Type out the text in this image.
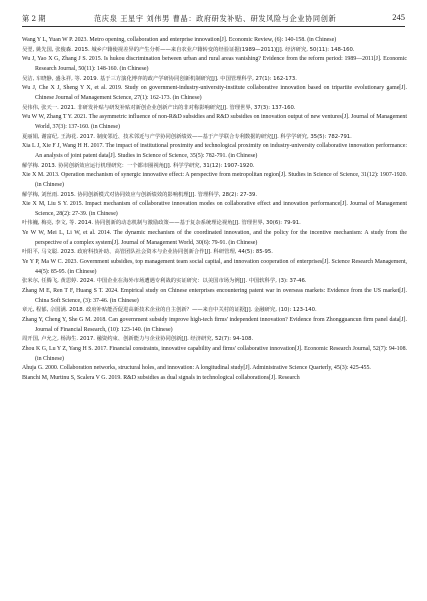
第 2 期	范庆泉 王星宇 刘伟男 曹晶：政府研发补贴、研发风险与企业协同创新	245

Wang Y L, Yuan W P. 2023. Metro opening, collaboration and enterprise innovation[J]. Economic Review, (6): 140-158. (in Chinese)

吴翌, 姚先国, 张俊森. 2015. 城乡户籍使视差异的产生分析——来自农业户籍转变的经验证据(1989—2011)[J]. 经济研究, 50(11): 148-160.

Wu J, Yao X G, Zhang J S. 2015. Is hukou discrimination between urban and rural areas vanishing? Evidence from the reform period: 1989—2011[J]. Economic Research Journal, 50(11): 148-160. (in Chinese)

吴洁, 车晓静, 盛永祥, 等. 2019. 基于三方演化博弈的政产学研协同创新机制研究[J]. 中国管理科学, 27(1): 162-173.

Wu J, Che X J, Sheng Y X, et al. 2019. Study on government-industry-university-institute collaborative innovation based on tripartite evolutionary game[J]. Chinese Journal of Management Science, 27(1): 162-173. (in Chinese)

吴伟伟, 张天一. 2021. 非研发补贴与研发补贴对新创企业创新产出的非对称影响研究[J]. 管理世界, 37(3): 137-160.

Wu W W, Zhang T Y. 2021. The asymmetric influence of non-R&D subsidies and R&D subsidies on innovation output of new ventures[J]. Journal of Management World, 37(3): 137-160. (in Chinese)

夏丽娟, 谢富纪, 王海花. 2017. 制度邻近、技术邻近与产学协同创新绩效——基于产学联合专利数据的研究[J]. 科学学研究, 35(5): 782-791.

Xia L J, Xie F J, Wang H H. 2017. The impact of institutional proximity and technological proximity on industry-university collaborative innovation performance: An analysis of joint patent data[J]. Studies in Science of Science, 35(5): 782-791. (in Chinese)

解学梅. 2013. 协同创新效应运行机理研究：一个都市圈视角[J]. 科学学研究, 31(12): 1907-1920.

Xie X M. 2013. Operation mechanism of synergic innovative effect: A perspective from metropolitan region[J]. Studies in Science of Science, 31(12): 1907-1920. (in Chinese)

解学梅, 刘丝雨. 2015. 协同创新模式对协同效应与创新绩效的影响机理[J]. 管理科学, 28(2): 27-39.

Xie X M, Liu S Y. 2015. Impact mechanism of collaborative innovation modes on collaborative effect and innovation performance[J]. Journal of Management Science, 28(2): 27-39. (in Chinese)

叶伟巍, 梅亮, 李文, 等. 2014. 协同创新的动态机制与激励政策——基于复杂系统理论视角[J]. 管理世界, 30(6): 79-91.

Ye W W, Mei L, Li W, et al. 2014. The dynamic mechanism of the coordinated innovation, and the policy for the incentive mechanism: A study from the perspective of a complex system[J]. Journal of Management World, 30(6): 79-91. (in Chinese)

叶阳平, 马文聪. 2023. 政府科技补助、高管团队社会资本与企业协同创新合作[J]. 科研管理, 44(5): 85-95.

Ye Y P, Ma W C. 2023. Government subsidies, top management team social capital, and innovation cooperation of enterprises[J]. Science Research Management, 44(5): 85-95. (in Chinese)

张米尔, 任腾飞, 黄思婷. 2024. 中国企业在海外市场遭遇专利战的实证研究：以美国市场为例[J]. 中国软科学, (3): 37-46.

Zhang M E, Ren T F, Huang S T. 2024. Empirical study on Chinese enterprises encountering patent war in overseas markets: Evidence from the US market[J]. China Soft Science, (3): 37-46. (in Chinese)

章元, 程郁, 佘国满. 2018. 政府补贴能否促进高新技术企业的自主创新？——来自中关村的证据[J]. 金融研究, (10): 123-140.

Zhang Y, Cheng Y, She G M. 2018. Can government subsidy improve high-tech firms' independent innovation? Evidence from Zhongguancun firm panel data[J]. Journal of Financial Research, (10): 123-140. (in Chinese)

周开国, 卢允之, 杨海生. 2017. 融资约束、创新能力与企业协同创新[J]. 经济研究, 52(7): 94-108.

Zhou K G, Lu Y Z, Yang H S. 2017. Financial constraints, innovative capability and firms' collaborative innovation[J]. Economic Research Journal, 52(7): 94-108. (in Chinese)

Ahuja G. 2000. Collaboration networks, structural holes, and innovation: A longitudinal study[J]. Administrative Science Quarterly, 45(3): 425-455.

Bianchi M, Murtinu S, Scalera V G. 2019. R&D subsidies as dual signals in technological collaborations[J]. Research
